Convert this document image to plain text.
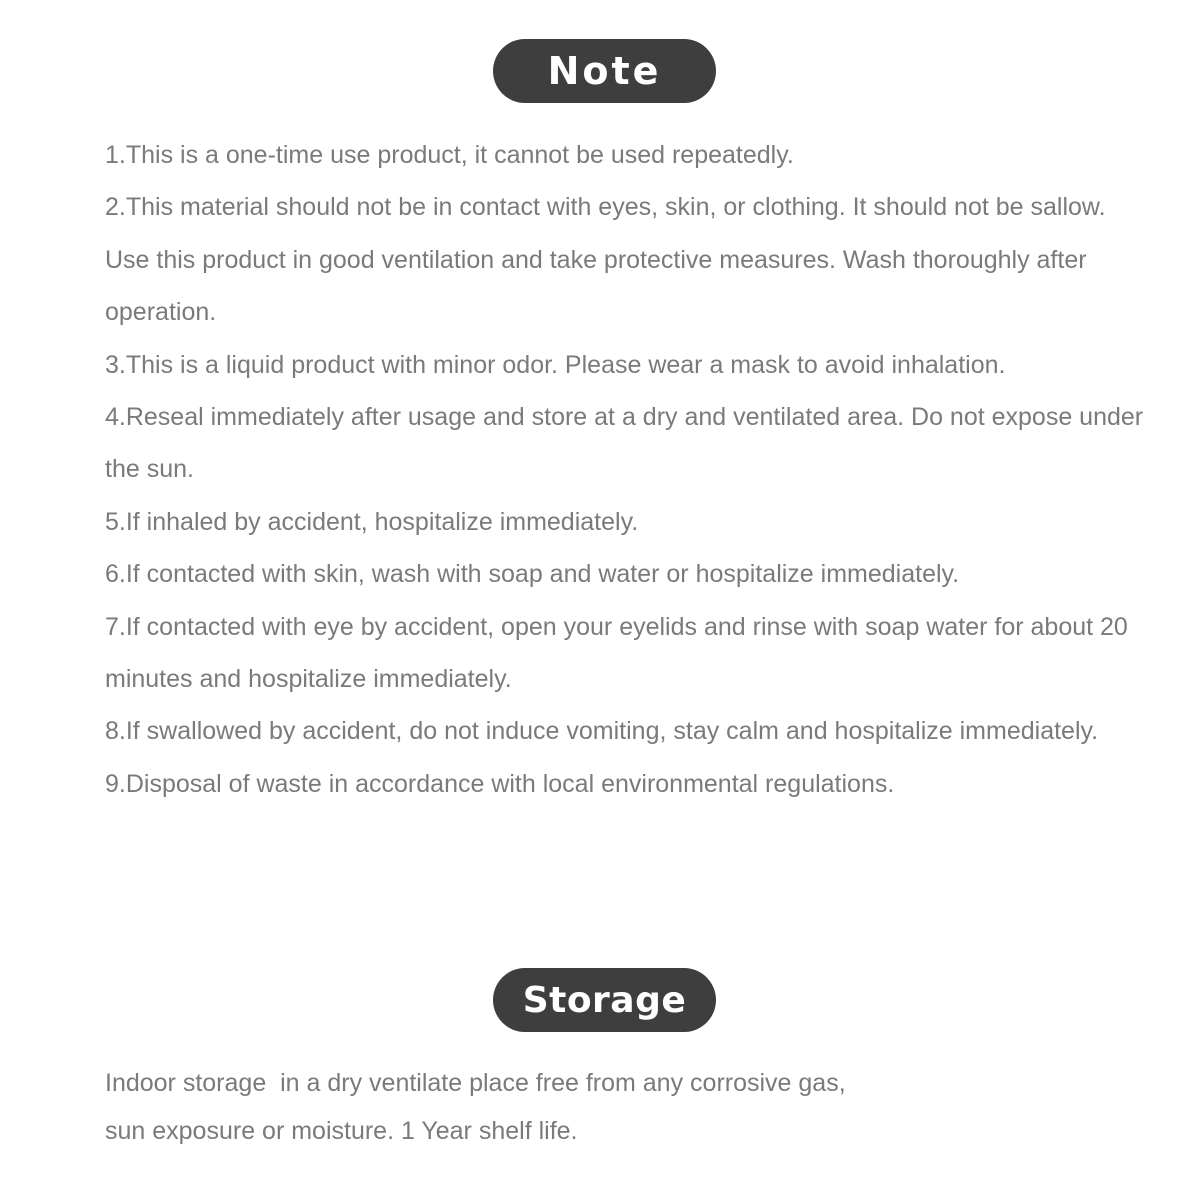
Note
1.This is a one-time use product, it cannot be used repeatedly.
2.This material should not be in contact with eyes, skin, or clothing. It should not be sallow. Use this product in good ventilation and take protective measures. Wash thoroughly after operation.
3.This is a liquid product with minor odor. Please wear a mask to avoid inhalation.
4.Reseal immediately after usage and store at a dry and ventilated area. Do not expose under the sun.
5.If inhaled by accident, hospitalize immediately.
6.If contacted with skin, wash with soap and water or hospitalize immediately.
7.If contacted with eye by accident, open your eyelids and rinse with soap water for about 20 minutes and hospitalize immediately.
8.If swallowed by accident, do not induce vomiting, stay calm and hospitalize immediately.
9.Disposal of waste in accordance with local environmental regulations.
Storage
Indoor storage  in a dry ventilate place free from any corrosive gas,
sun exposure or moisture. 1 Year shelf life.
